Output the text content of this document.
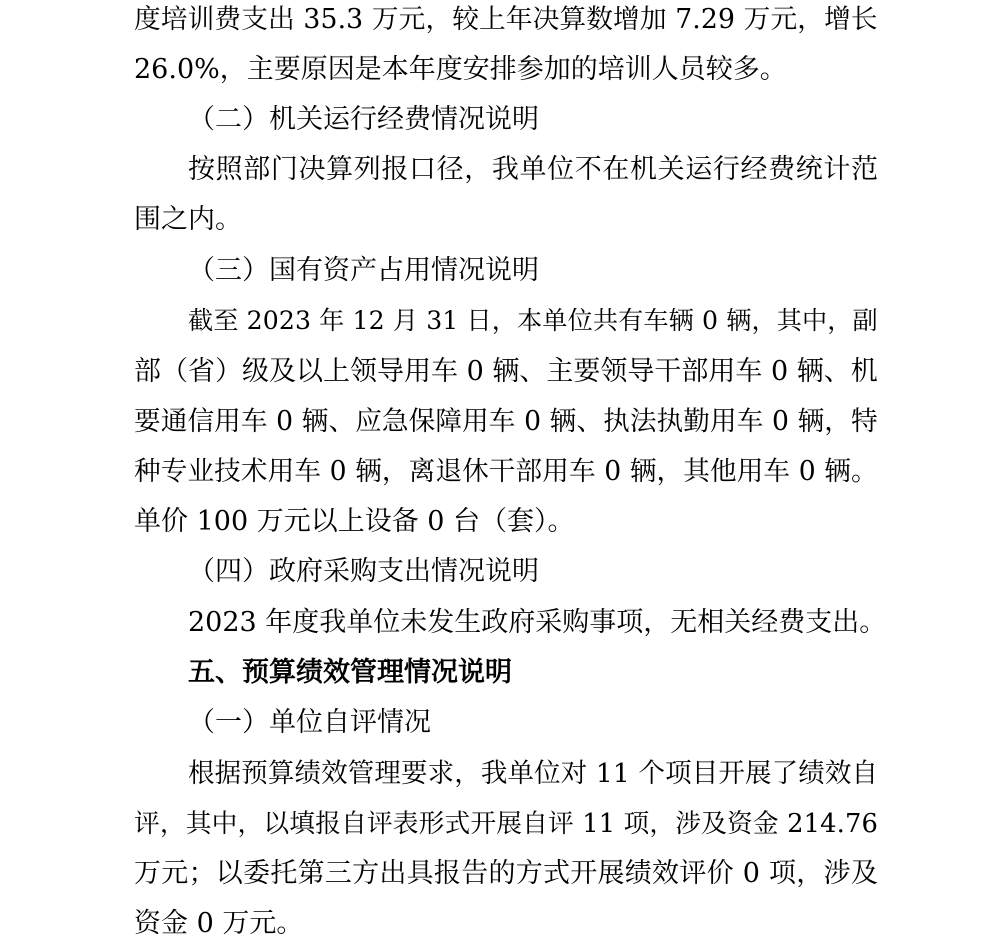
度 培 训 费 支 出
3 5 . 3
万 元 ， 较 上 年 决 算 数 增 加
7 . 2 9
万 元 ， 增 长
26.0%，主要原因是本年度安排参加的培训人员较多。
（二）机关运行经费情况说明
按 照 部 门 决 算 列 报 口 径 ， 我 单 位 不 在 机 关 运 行 经 费 统 计 范
围之内。
（三）国有资产占用情况说明
截 至
2 0 2 3
年
1 2
月
3 1
日 ， 本 单 位 共 有 车 辆
0
辆 ， 其 中 ， 副
部 （ 省 ） 级 及 以 上 领 导 用 车
0
辆 、 主 要 领 导 干 部 用 车
0
辆 、 机
要 通 信 用 车
0
辆 、 应 急 保 障 用 车
0
辆 、 执 法 执 勤 用 车
0
辆 ， 特
种 专 业 技 术 用 车
0
辆 ， 离 退 休 干 部 用 车
0
辆 ， 其 他 用 车
0
辆 。
单价 100 万元以上设备 0 台（套）。
（四）政府采购支出情况说明
2023 年度我单位未发生政府采购事项，无相关经费支出。
五、预算绩效管理情况说明
（一）单位自评情况
根 据 预 算 绩 效 管 理 要 求 ， 我 单 位 对
1 1
个 项 目 开 展 了 绩 效 自
评 ， 其 中 ， 以 填 报 自 评 表 形 式 开 展 自 评
1 1
项 ， 涉 及 资 金
2 1 4 . 7 6
万 元 ； 以 委 托 第 三 方 出 具 报 告 的 方 式 开 展 绩 效 评 价
0
项 ， 涉 及
资金 0 万元。
